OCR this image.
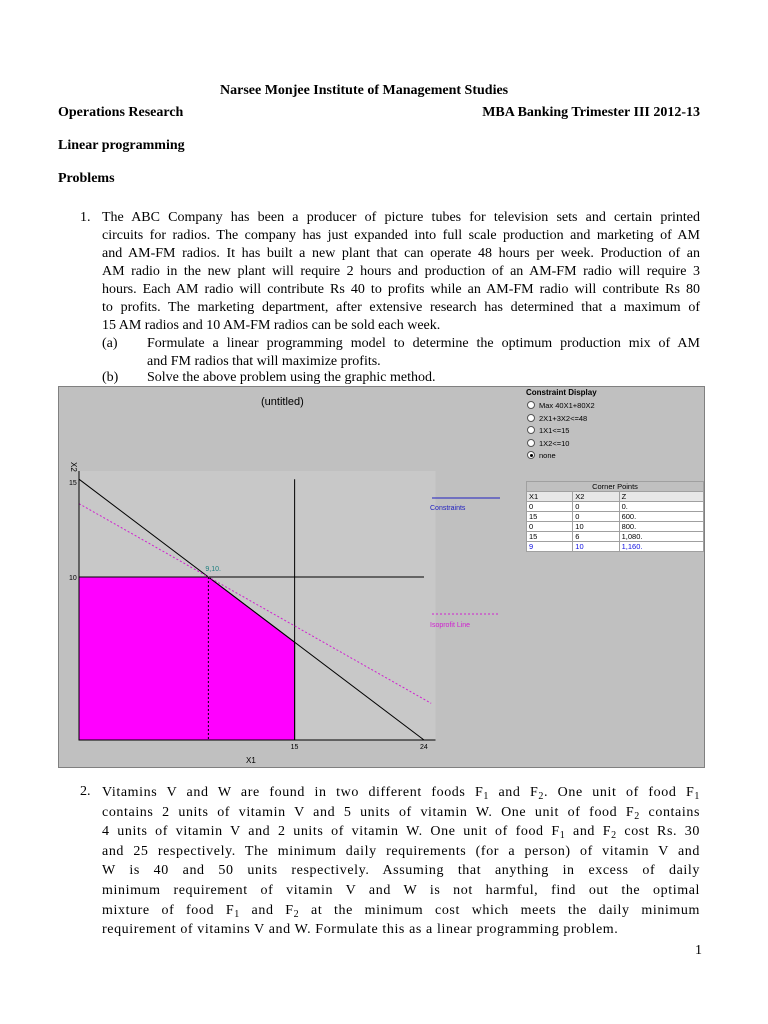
Narsee Monjee Institute of Management Studies
Operations Research	MBA Banking Trimester III 2012-13
Linear programming
Problems
1. The ABC Company has been a producer of picture tubes for television sets and certain printed
circuits for radios. The company has just expanded into full scale production and marketing of AM
and AM-FM radios. It has built a new plant that can operate 48 hours per week. Production of an
AM radio in the new plant will require 2 hours and production of an AM-FM radio will require 3
hours. Each AM radio will contribute Rs 40 to profits while an AM-FM radio will contribute Rs 80
to profits. The marketing department, after extensive research has determined that a maximum of
15 AM radios and 10 AM-FM radios can be sold each week.
(a) Formulate a linear programming model to determine the optimum production mix of AM
and FM radios that will maximize profits.
(b) Solve the above problem using the graphic method.
(untitled)
15
10
15	24
9,10.
X2
X1
Constraints
Isoprofit Line
Constraint Display
Max 40X1+80X2
2X1+3X2<=48
1X1<=15
1X2<=10
none
Corner Points		
X1	X2	Z
0	0	0.
15	0	600.
0	10	800.
15	6	1,080.
9	10	1,160.
2. Vitamins V and W are found in two different foods $F_1$ and $F_2$. One unit of food $F_1$
contains 2 units of vitamin V and 5 units of vitamin W. One unit of food $F_2$ contains
4 units of vitamin V and 2 units of vitamin W. One unit of food $F_1$ and $F_2$ cost Rs. 30
and 25 respectively. The minimum daily requirements (for a person) of vitamin V and
W is 40 and 50 units respectively. Assuming that anything in excess of daily
minimum requirement of vitamin V and W is not harmful, find out the optimal
mixture of food $F_1$ and $F_2$ at the minimum cost which meets the daily minimum
requirement of vitamins V and W. Formulate this as a linear programming problem.
1
